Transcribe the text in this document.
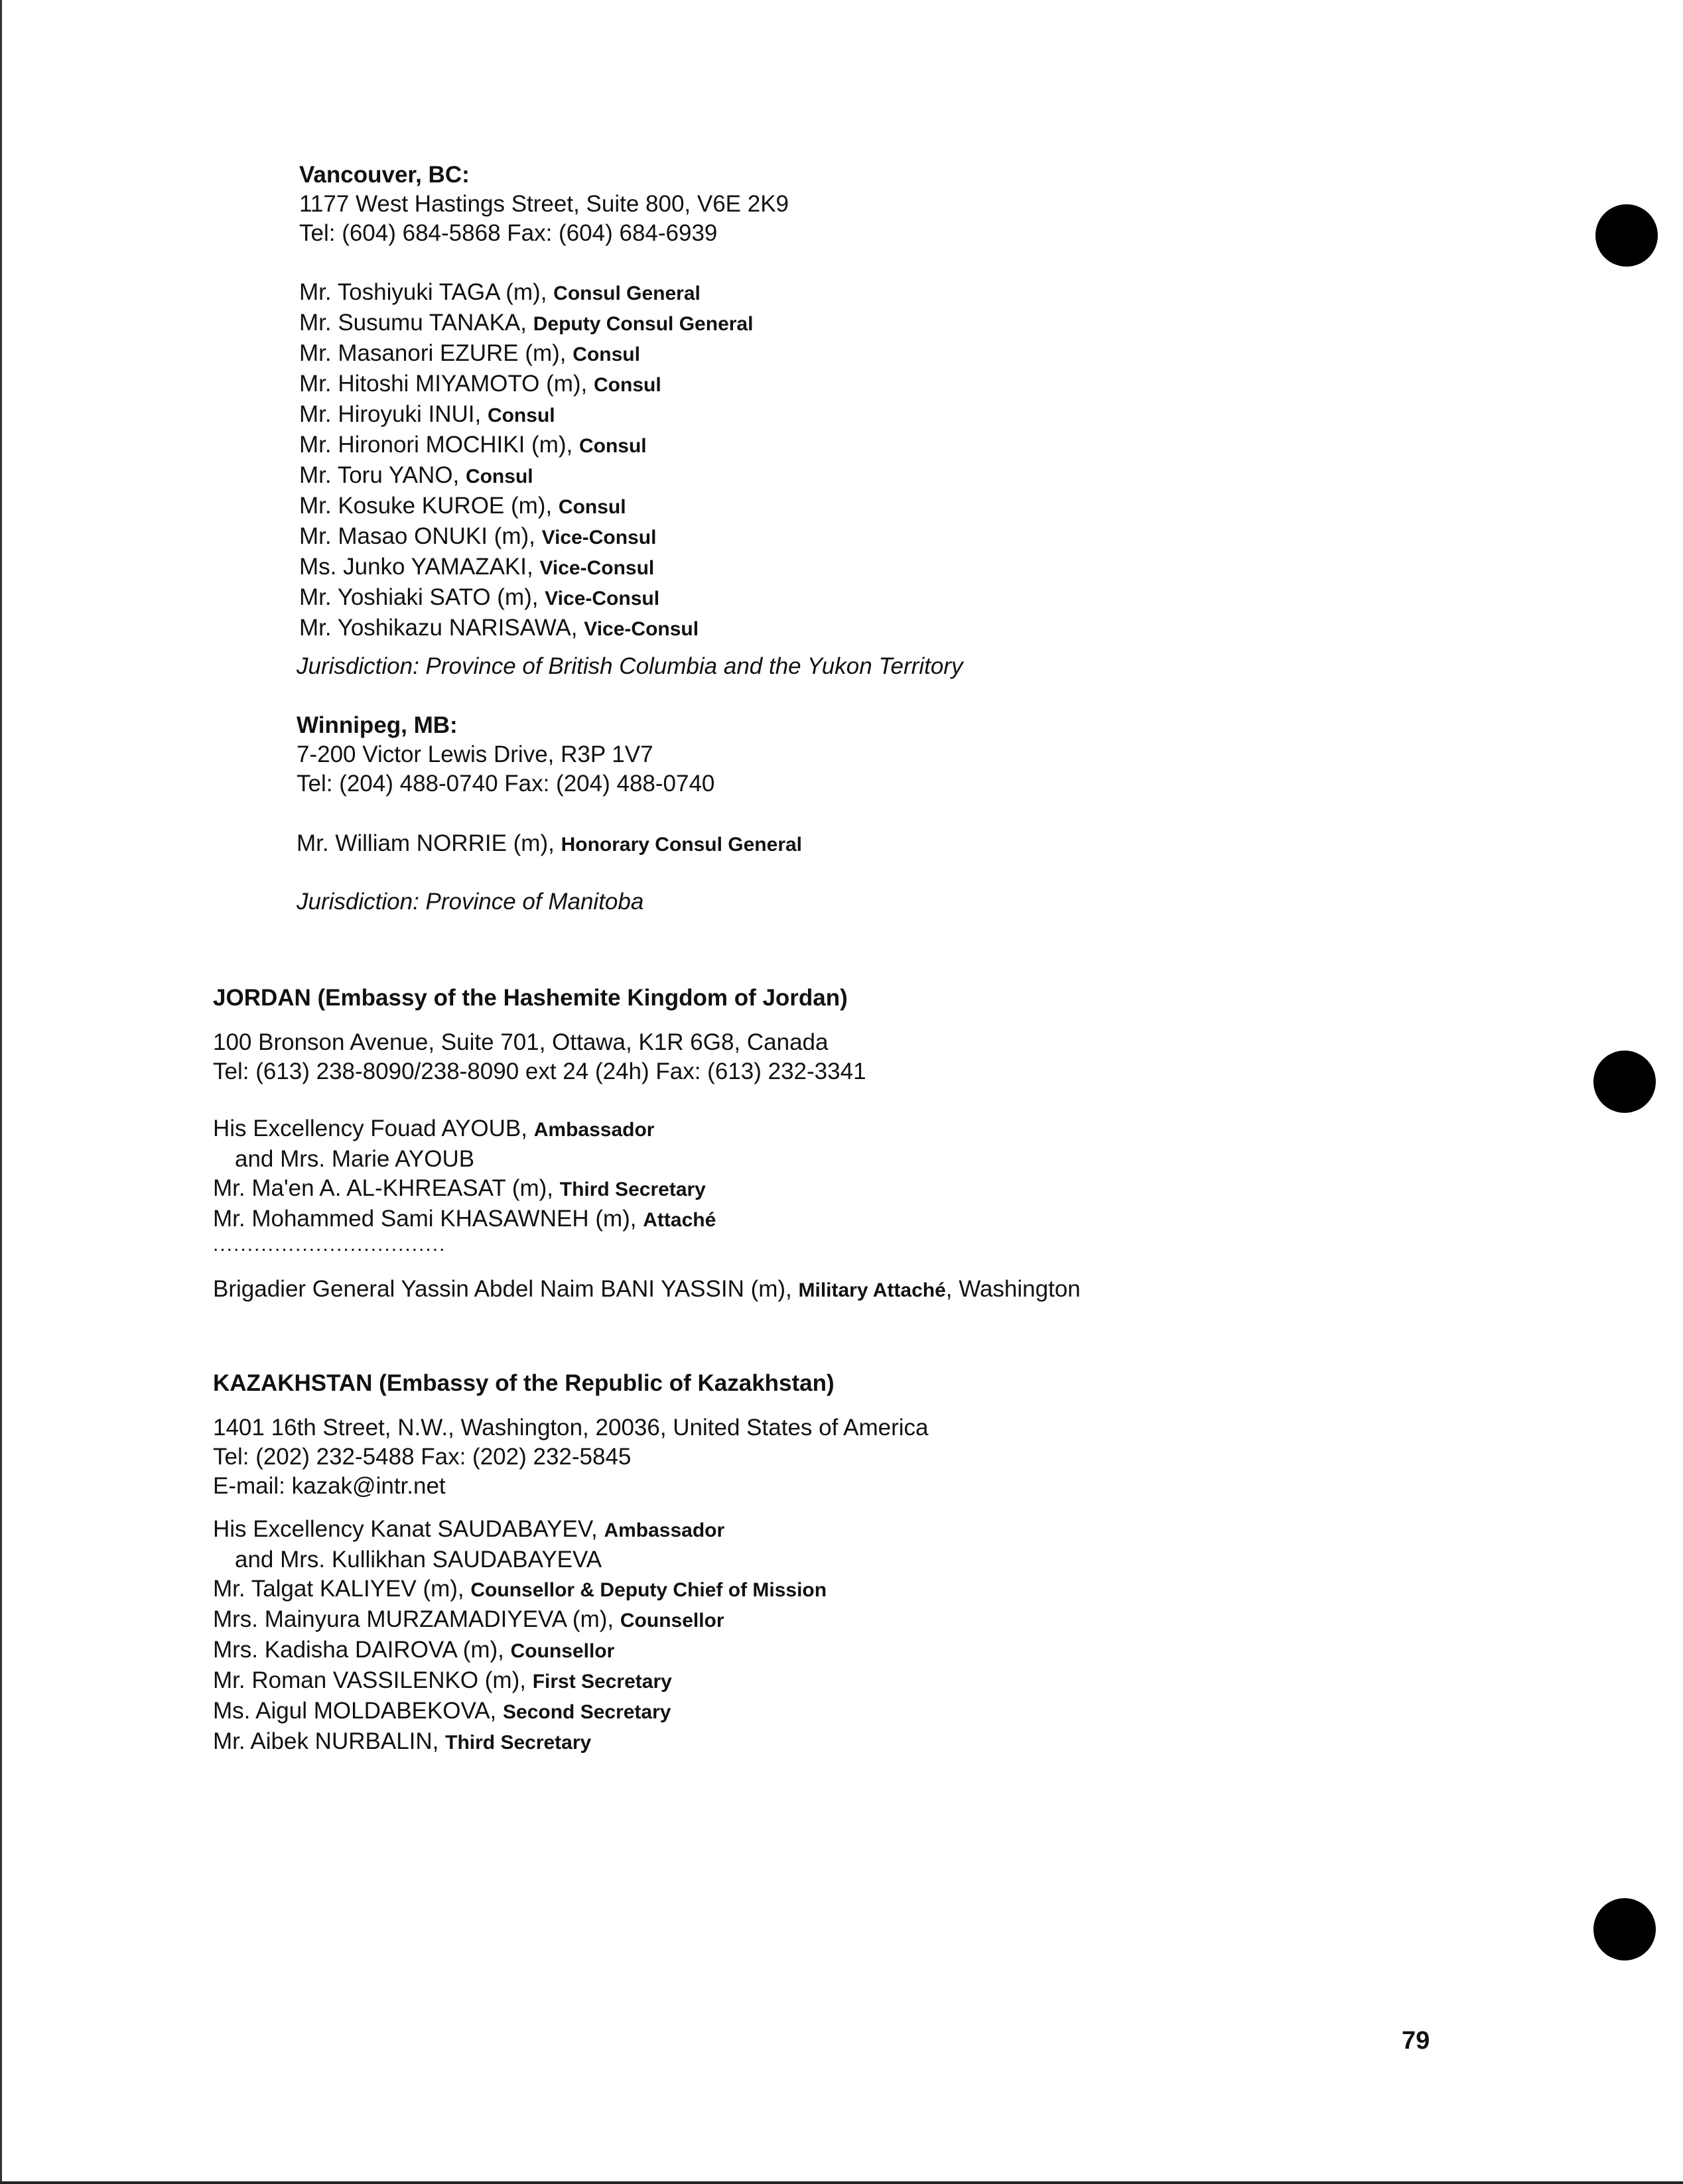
Vancouver, BC:

1177 West Hastings Street, Suite 800, V6E 2K9

Tel: (604) 684-5868 Fax: (604) 684-6939

Mr. Toshiyuki TAGA (m), Consul General

Mr. Susumu TANAKA, Deputy Consul General

Mr. Masanori EZURE (m), Consul

Mr. Hitoshi MIYAMOTO (m), Consul

Mr. Hiroyuki INUI, Consul

Mr. Hironori MOCHIKI (m), Consul

Mr. Toru YANO, Consul

Mr. Kosuke KUROE (m), Consul

Mr. Masao ONUKI (m), Vice-Consul

Ms. Junko YAMAZAKI, Vice-Consul

Mr. Yoshiaki SATO (m), Vice-Consul

Mr. Yoshikazu NARISAWA, Vice-Consul

Jurisdiction: Province of British Columbia and the Yukon Territory

Winnipeg, MB:

7-200 Victor Lewis Drive, R3P 1V7

Tel: (204) 488-0740 Fax: (204) 488-0740

Mr. William NORRIE (m), Honorary Consul General

Jurisdiction: Province of Manitoba

JORDAN (Embassy of the Hashemite Kingdom of Jordan)

100 Bronson Avenue, Suite 701, Ottawa, K1R 6G8, Canada

Tel: (613) 238-8090/238-8090 ext 24 (24h) Fax: (613) 232-3341

His Excellency Fouad AYOUB, Ambassador

and Mrs. Marie AYOUB

Mr. Ma'en A. AL-KHREASAT (m), Third Secretary

Mr. Mohammed Sami KHASAWNEH (m), Attaché

..................................

Brigadier General Yassin Abdel Naim BANI YASSIN (m), Military Attaché, Washington

KAZAKHSTAN (Embassy of the Republic of Kazakhstan)

1401 16th Street, N.W., Washington, 20036, United States of America

Tel: (202) 232-5488 Fax: (202) 232-5845

E-mail: kazak@intr.net

His Excellency Kanat SAUDABAYEV, Ambassador

and Mrs. Kullikhan SAUDABAYEVA

Mr. Talgat KALIYEV (m), Counsellor & Deputy Chief of Mission

Mrs. Mainyura MURZAMADIYEVA (m), Counsellor

Mrs. Kadisha DAIROVA (m), Counsellor

Mr. Roman VASSILENKO (m), First Secretary

Ms. Aigul MOLDABEKOVA, Second Secretary

Mr. Aibek NURBALIN, Third Secretary

79
